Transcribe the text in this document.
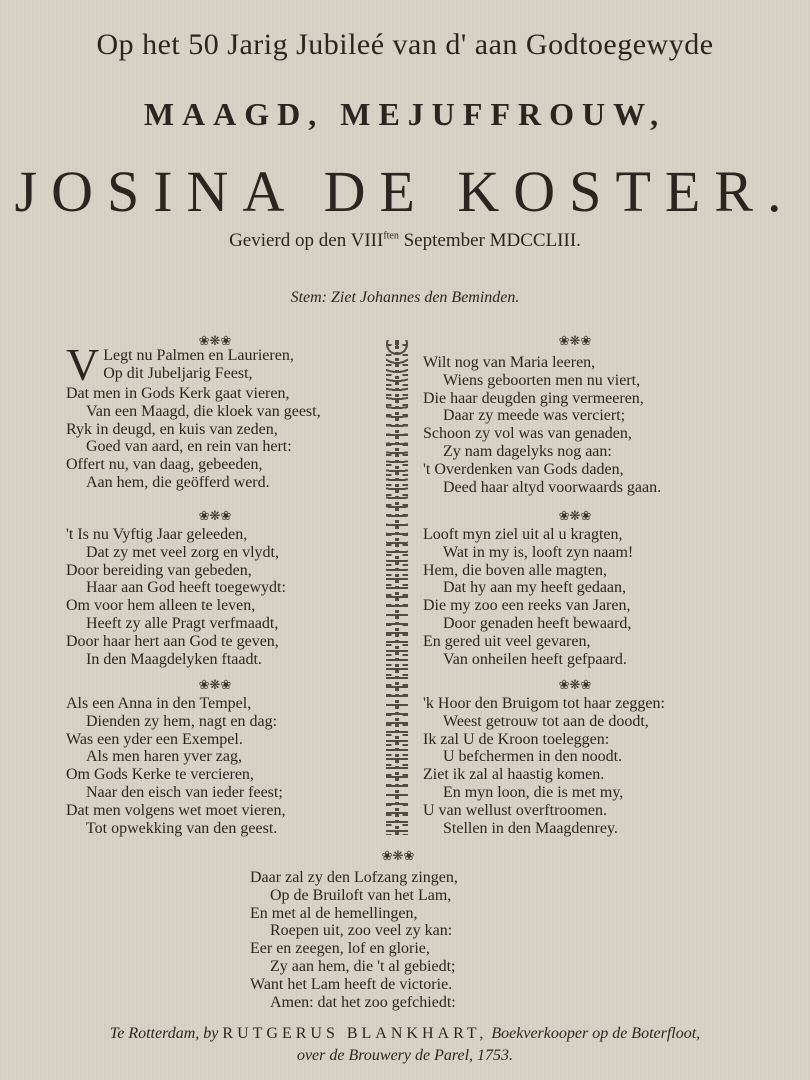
Op het 50 Jarig Jubileé van d' aan Godtoegewyde
MAAGD, MEJUFFROUW,
JOSINA DE KOSTER.
Gevierd op den $VIII^{ften}$ September MDCCLIII.
Stem: Ziet Johannes den Beminden.
❀❋❀
V Legt nu Palmen en Laurieren,
Op dit Jubeljarig Feest,
Dat men in Gods Kerk gaat vieren,
Van een Maagd, die kloek van geest,
Ryk in deugd, en kuis van zeden,
Goed van aard, en rein van hert:
Offert nu, van daag, gebeeden,
Aan hem, die geöfferd werd.
❀❋❀
't Is nu Vyftig Jaar geleeden,
Dat zy met veel zorg en vlydt,
Door bereiding van gebeden,
Haar aan God heeft toegewydt:
Om voor hem alleen te leven,
Heeft zy alle Pragt verfmaadt,
Door haar hert aan God te geven,
In den Maagdelyken ftaadt.
❀❋❀
Als een Anna in den Tempel,
Dienden zy hem, nagt en dag:
Was een yder een Exempel.
Als men haren yver zag,
Om Gods Kerke te vercieren,
Naar den eisch van ieder feest;
Dat men volgens wet moet vieren,
Tot opwekking van den geest.
❀❋❀
Wilt nog van Maria leeren,
Wiens geboorten men nu viert,
Die haar deugden ging vermeeren,
Daar zy meede was verciert;
Schoon zy vol was van genaden,
Zy nam dagelyks nog aan:
't Overdenken van Gods daden,
Deed haar altyd voorwaards gaan.
❀❋❀
Looft myn ziel uit al u kragten,
Wat in my is, looft zyn naam!
Hem, die boven alle magten,
Dat hy aan my heeft gedaan,
Die my zoo een reeks van Jaren,
Door genaden heeft bewaard,
En gered uit veel gevaren,
Van onheilen heeft gefpaard.
❀❋❀
'k Hoor den Bruigom tot haar zeggen:
Weest getrouw tot aan de doodt,
Ik zal U de Kroon toeleggen:
U befchermen in den noodt.
Ziet ik zal al haastig komen.
En myn loon, die is met my,
U van wellust overftroomen.
Stellen in den Maagdenrey.
❀❋❀
Daar zal zy den Lofzang zingen,
Op de Bruiloft van het Lam,
En met al de hemellingen,
Roepen uit, zoo veel zy kan:
Eer en zeegen, lof en glorie,
Zy aan hem, die 't al gebiedt;
Want het Lam heeft de victorie.
Amen: dat het zoo gefchiedt:
Te Rotterdam, by RUTGERUS BLANKHART, Boekverkooper op de Boterfloot,
over de Brouwery de Parel, 1753.
